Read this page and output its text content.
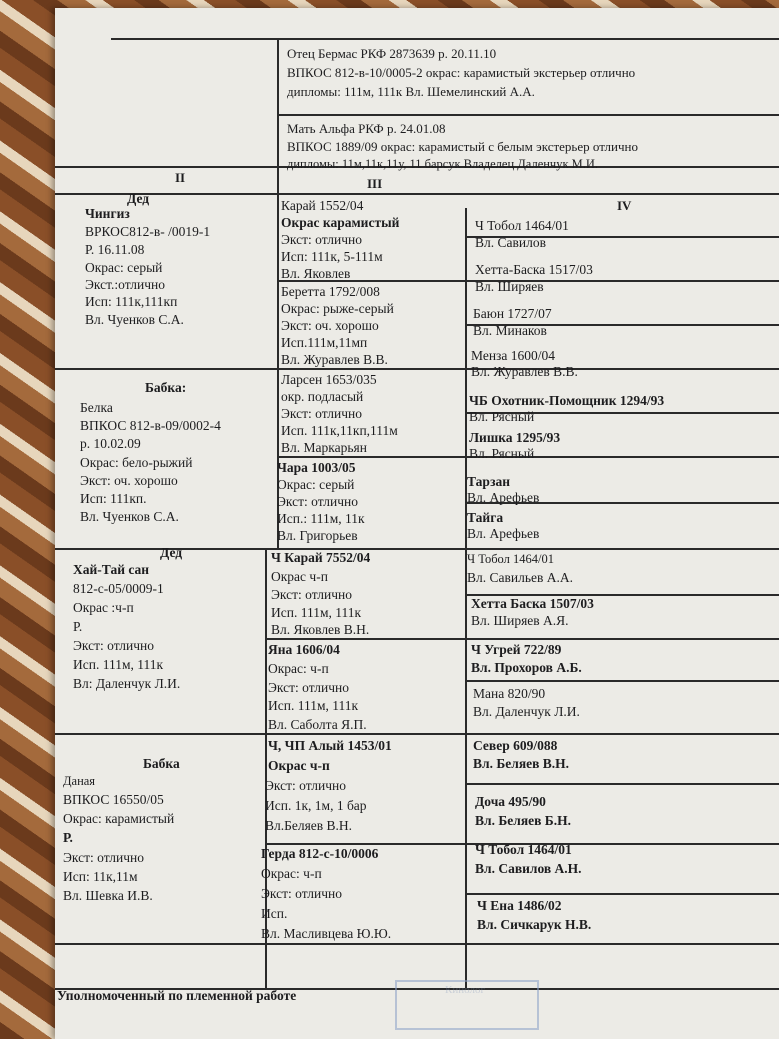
Отец Бермас РКФ 2873639 р. 20.11.10
ВПКОС 812-в-10/0005-2 окрас: карамистый экстерьер отлично
дипломы: 111м, 111к Вл. Шемелинский А.А.
Мать Альфа РКФ р. 24.01.08
ВПКОС 1889/09 окрас: карамистый с белым экстерьер отлично
дипломы: 11м,11к,11у, 11 барсук Владелец Даленчук М.И.
II	III
IV
Дед
Чингиз
ВРКОС812-в- /0019-1
Р. 16.11.08
Окрас: серый
Экст.:отлично
Исп: 111к,111кп
Вл. Чуенков С.А.
Бабка:
Белка
ВПКОС 812-в-09/0002-4
р. 10.02.09
Окрас: бело-рыжий
Экст: оч. хорошо
Исп: 111кп.
Вл. Чуенков С.А.
Дед
Хай-Тай сан
812-с-05/0009-1
Окрас :ч-п
Р.
Экст: отлично
Исп. 111м, 111к
Вл: Даленчук Л.И.
Бабка
Даная
ВПКОС 16550/05
Окрас: карамистый
Р.
Экст: отлично
Исп: 11к,11м
Вл. Шевка И.В.
Карай 1552/04
Окрас карамистый
Экст: отлично
Исп: 111к, 5-111м
Вл. Яковлев
Беретта 1792/008
Окрас: рыже-серый
Экст: оч. хорошо
Исп.111м,11мп
Вл. Журавлев В.В.
Ларсен 1653/035
окр. подласый
Экст: отлично
Исп. 111к,11кп,111м
Вл. Маркарьян
Чара 1003/05
Окрас: серый
Экст: отлично
Исп.: 111м, 11к
Вл. Григорьев
Ч Карай 7552/04
Окрас ч-п
Экст: отлично
Исп. 111м, 111к
Вл. Яковлев В.Н.
Яна 1606/04
Окрас: ч-п
Экст: отлично
Исп. 111м, 111к
Вл. Саболта Я.П.
Ч, ЧП Алый 1453/01
Окрас ч-п
Экст: отлично
Исп. 1к, 1м, 1 бар
Вл.Беляев В.Н.
Герда 812-с-10/0006
Окрас: ч-п
Экст: отлично
Исп.
Вл. Масливцева Ю.Ю.
Ч Тобол 1464/01
Вл. Савилов
Хетта-Баска 1517/03
Вл. Ширяев
Баюн 1727/07
Вл. Минаков
Менза 1600/04
Вл. Журавлев В.В.
ЧБ Охотник-Помощник 1294/93
Вл. Рясный
Лишка 1295/93
Вл. Рясный
Тарзан
Вл. Арефьев
Тайга
Вл. Арефьев
Ч Тобол 1464/01
Вл. Савильев А.А.
Хетта Баска 1507/03
Вл. Ширяев А.Я.
Ч Угрей 722/89
Вл. Прохоров А.Б.
Мана 820/90
Вл. Даленчук Л.И.
Север 609/088
Вл. Беляев В.Н.
Доча 495/90
Вл. Беляев Б.Н.
Ч Тобол 1464/01
Вл. Савилов А.Н.
Ч Ена 1486/02
Вл. Сичкарук Н.В.
Уполномоченный по племенной работе	Кинолог
